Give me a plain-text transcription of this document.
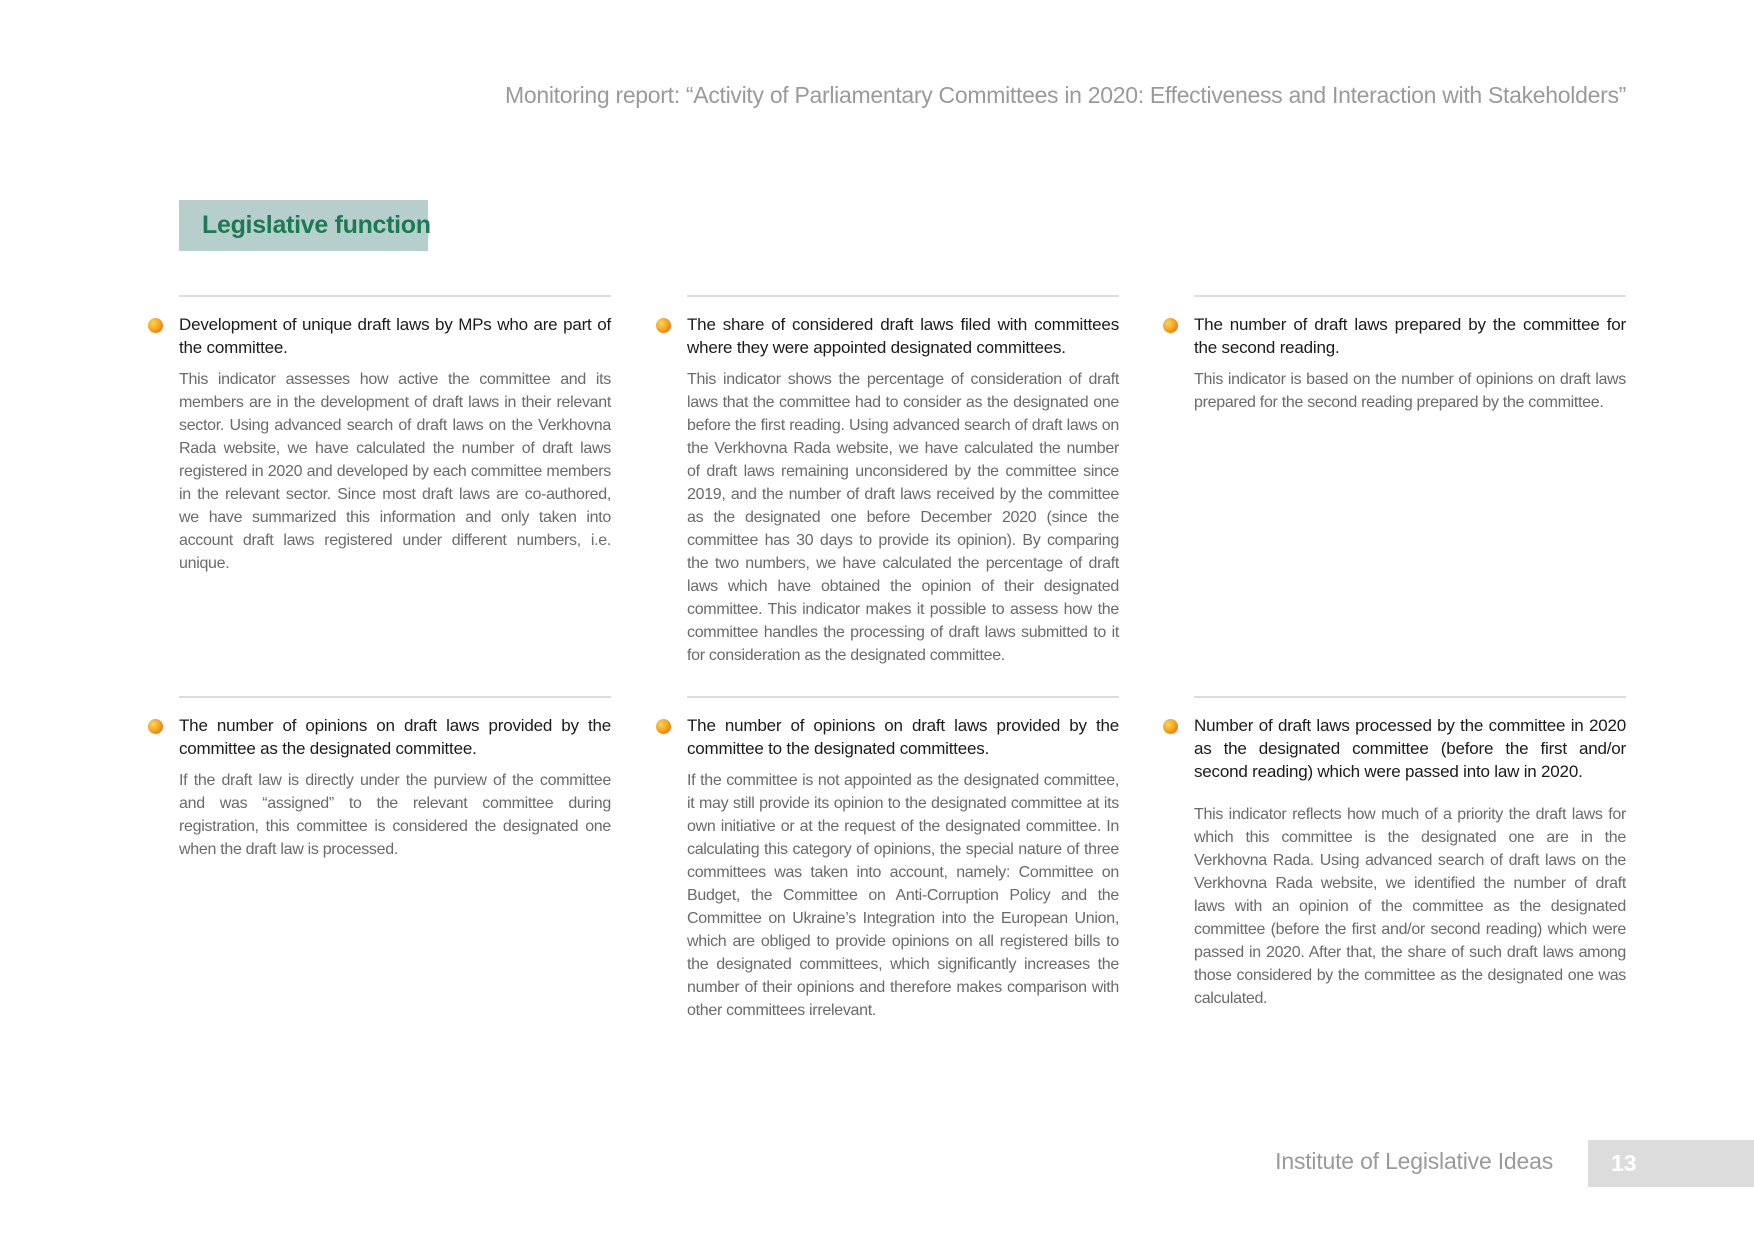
Monitoring report: “Activity of Parliamentary Committees in 2020: Effectiveness and Interaction with Stakeholders”
Legislative function
Development of unique draft laws by MPs who are part of the committee.
This indicator assesses how active the committee and its members are in the development of draft laws in their relevant sector. Using advanced search of draft laws on the Verkhovna Rada website, we have calculated the number of draft laws registered in 2020 and developed by each committee members in the relevant sector. Since most draft laws are co-authored, we have summarized this information and only taken into account draft laws registered under different numbers, i.e. unique.
The share of considered draft laws filed with committees where they were appointed designated committees.
This indicator shows the percentage of consideration of draft laws that the committee had to consider as the designated one before the first reading. Using advanced search of draft laws on the Verkhovna Rada website, we have calculated the number of draft laws remaining unconsidered by the committee since 2019, and the number of draft laws received by the committee as the designated one before December 2020 (since the committee has 30 days to provide its opinion). By comparing the two numbers, we have calculated the percentage of draft laws which have obtained the opinion of their designated committee. This indicator makes it possible to assess how the committee handles the processing of draft laws submitted to it for consideration as the designated committee.
The number of draft laws prepared by the committee for the second reading.
This indicator is based on the number of opinions on draft laws prepared for the second reading prepared by the committee.
The number of opinions on draft laws provided by the committee as the designated committee.
If the draft law is directly under the purview of the committee and was “assigned” to the relevant committee during registration, this committee is considered the designated one when the draft law is processed.
The number of opinions on draft laws provided by the committee to the designated committees.
If the committee is not appointed as the designated committee, it may still provide its opinion to the designated committee at its own initiative or at the request of the designated committee. In calculating this category of opinions, the special nature of three committees was taken into account, namely: Committee on Budget, the Committee on Anti-Corruption Policy and the Committee on Ukraine’s Integration into the European Union, which are obliged to provide opinions on all registered bills to the designated committees, which significantly increases the number of their opinions and therefore makes comparison with other committees irrelevant.
Number of draft laws processed by the committee in 2020 as the designated committee (before the first and/or second reading) which were passed into law in 2020.
This indicator reflects how much of a priority the draft laws for which this committee is the designated one are in the Verkhovna Rada. Using advanced search of draft laws on the Verkhovna Rada website, we identified the number of draft laws with an opinion of the committee as the designated committee (before the first and/or second reading) which were passed in 2020. After that, the share of such draft laws among those considered by the committee as the designated one was calculated.
Institute of Legislative Ideas	13
